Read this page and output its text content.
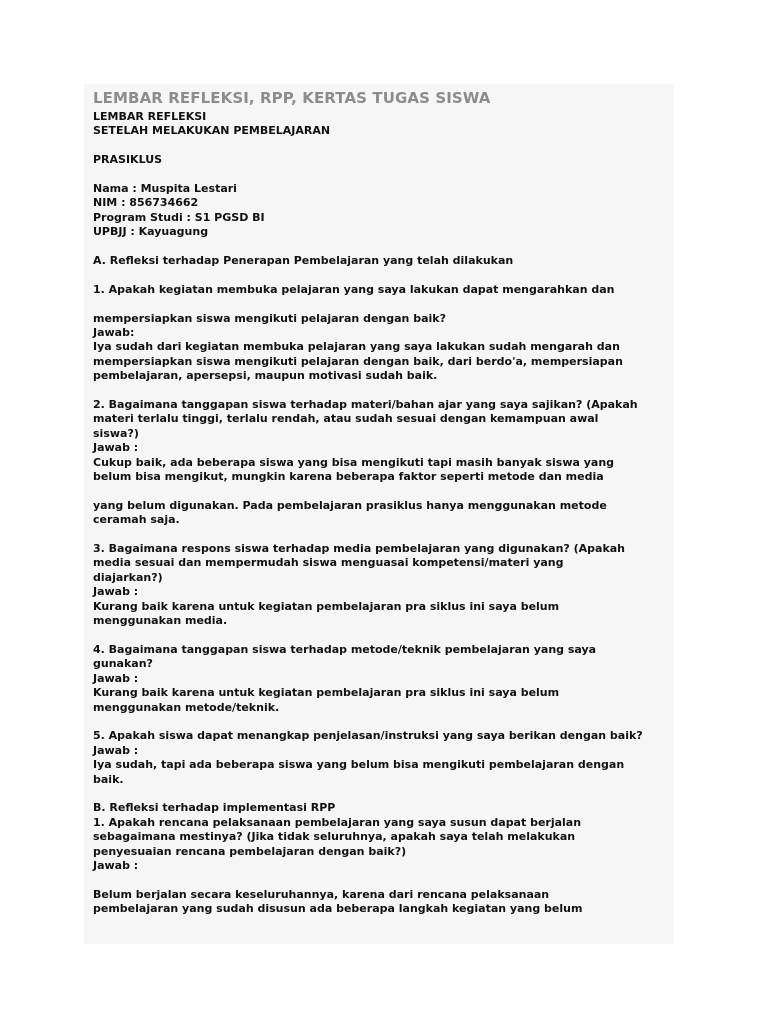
LEMBAR REFLEKSI, RPP, KERTAS TUGAS SISWA
LEMBAR REFLEKSI
SETELAH MELAKUKAN PEMBELAJARAN
PRASIKLUS
Nama : Muspita Lestari
NIM : 856734662
Program Studi : S1 PGSD BI
UPBJJ : Kayuagung
A. Refleksi terhadap Penerapan Pembelajaran yang telah dilakukan
1. Apakah kegiatan membuka pelajaran yang saya lakukan dapat mengarahkan dan
mempersiapkan siswa mengikuti pelajaran dengan baik?
Jawab:
Iya sudah dari kegiatan membuka pelajaran yang saya lakukan sudah mengarah dan
mempersiapkan siswa mengikuti pelajaran dengan baik, dari berdo'a, mempersiapan
pembelajaran, apersepsi, maupun motivasi sudah baik.
2. Bagaimana tanggapan siswa terhadap materi/bahan ajar yang saya sajikan? (Apakah
materi terlalu tinggi, terlalu rendah, atau sudah sesuai dengan kemampuan awal
siswa?)
Jawab :
Cukup baik, ada beberapa siswa yang bisa mengikuti tapi masih banyak siswa yang
belum bisa mengikut, mungkin karena beberapa faktor seperti metode dan media
yang belum digunakan. Pada pembelajaran prasiklus hanya menggunakan metode
ceramah saja.
3. Bagaimana respons siswa terhadap media pembelajaran yang digunakan? (Apakah
media sesuai dan mempermudah siswa menguasai kompetensi/materi yang
diajarkan?)
Jawab :
Kurang baik karena untuk kegiatan pembelajaran pra siklus ini saya belum
menggunakan media.
4. Bagaimana tanggapan siswa terhadap metode/teknik pembelajaran yang saya
gunakan?
Jawab :
Kurang baik karena untuk kegiatan pembelajaran pra siklus ini saya belum
menggunakan metode/teknik.
5. Apakah siswa dapat menangkap penjelasan/instruksi yang saya berikan dengan baik?
Jawab :
Iya sudah, tapi ada beberapa siswa yang belum bisa mengikuti pembelajaran dengan
baik.
B. Refleksi terhadap implementasi RPP
1. Apakah rencana pelaksanaan pembelajaran yang saya susun dapat berjalan
sebagaimana mestinya? (Jika tidak seluruhnya, apakah saya telah melakukan
penyesuaian rencana pembelajaran dengan baik?)
Jawab :
Belum berjalan secara keseluruhannya, karena dari rencana pelaksanaan
pembelajaran yang sudah disusun ada beberapa langkah kegiatan yang belum
